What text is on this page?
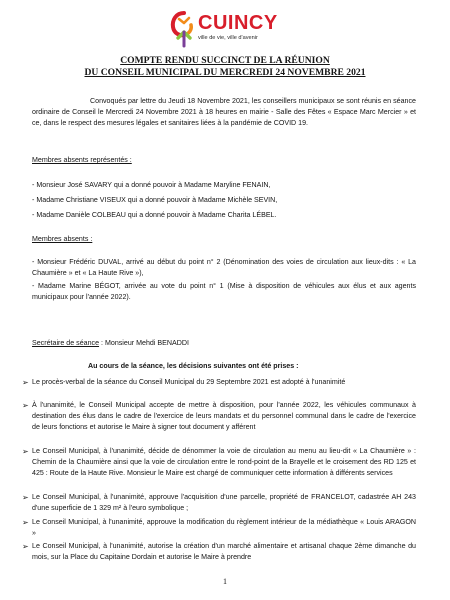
CUINCY
ville de vie, ville d'avenir
COMPTE RENDU SUCCINCT DE LA RÉUNION
DU CONSEIL MUNICIPAL DU MERCREDI 24 NOVEMBRE 2021
Convoqués par lettre du Jeudi 18 Novembre 2021, les conseillers municipaux se sont réunis en séance ordinaire de Conseil le Mercredi 24 Novembre 2021 à 18 heures en mairie - Salle des Fêtes « Espace Marc Mercier » et ce, dans le respect des mesures légales et sanitaires liées à la pandémie de COVID 19.
Membres absents représentés :
- Monsieur José SAVARY qui a donné pouvoir à Madame Maryline FENAIN,
- Madame Christiane VISEUX qui a donné pouvoir à Madame Michèle SEVIN,
- Madame Danièle COLBEAU qui a donné pouvoir à Madame Charita LÉBEL.
Membres absents :
- Monsieur Frédéric DUVAL, arrivé au début du point n° 2 (Dénomination des voies de circulation aux lieux-dits : « La Chaumière » et « La Haute Rive »),
- Madame Marine BÉGOT, arrivée au vote du point n° 1 (Mise à disposition de véhicules aux élus et aux agents municipaux pour l'année 2022).
Secrétaire de séance : Monsieur Mehdi BENADDI
Au cours de la séance, les décisions suivantes ont été prises :
➢ Le procès-verbal de la séance du Conseil Municipal du 29 Septembre 2021 est adopté à l'unanimité
➢ À l'unanimité, le Conseil Municipal accepte de mettre à disposition, pour l'année 2022, les véhicules communaux à destination des élus dans le cadre de l'exercice de leurs mandats et du personnel communal dans le cadre de l'exercice de leurs fonctions et autorise le Maire à signer tout document y afférent
➢ Le Conseil Municipal, à l'unanimité, décide de dénommer la voie de circulation au menu au lieu-dit « La Chaumière » : Chemin de la Chaumière ainsi que la voie de circulation entre le rond-point de la Brayelle et le croisement des RD 125 et 425 : Route de la Haute Rive. Monsieur le Maire est chargé de communiquer cette information à différents services
➢ Le Conseil Municipal, à l'unanimité, approuve l'acquisition d'une parcelle, propriété de FRANCELOT, cadastrée AH 243 d'une superficie de 1 329 m² à l'euro symbolique ;
➢ Le Conseil Municipal, à l'unanimité, approuve la modification du règlement intérieur de la médiathèque « Louis ARAGON »
➢ Le Conseil Municipal, à l'unanimité, autorise la création d'un marché alimentaire et artisanal chaque 2ème dimanche du mois, sur la Place du Capitaine Dordain et autorise le Maire à prendre
1
